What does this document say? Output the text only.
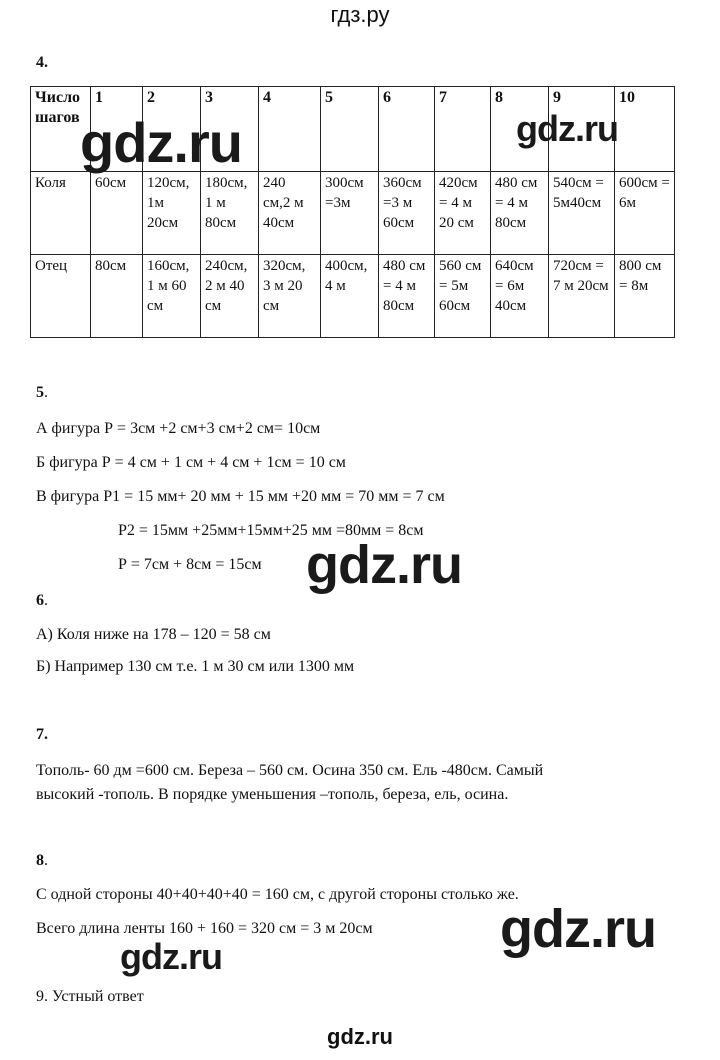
гдз.ру
4.
Число шагов	1	2	3	4	5	6	7	8	9	10
Коля	60см	120см, 1м 20см	180см, 1 м 80см	240 см,2 м 40см	300см =3м	360см =3 м 60см	420см = 4 м 20 см	480 см = 4 м 80см	540см = 5м40см	600см = 6м
Отец	80см	160см, 1 м 60 см	240см, 2 м 40 см	320см, 3 м 20 см	400см, 4 м	480 см = 4 м 80см	560 см = 5м 60см	640см = 6м 40см	720см = 7 м 20см	800 см = 8м
5.
А фигура Р = 3см +2 см+3 см+2 см= 10см
Б фигура Р = 4 см + 1 см + 4 см + 1см = 10 см
В фигура Р1 = 15 мм+ 20 мм + 15 мм +20 мм = 70 мм = 7 см
Р2 = 15мм +25мм+15мм+25 мм =80мм = 8см
Р = 7см + 8см = 15см
6.
А) Коля ниже на 178 – 120 = 58 см
Б) Например 130 см т.е. 1 м 30 см или 1300 мм
7.
Тополь- 60 дм =600 см. Береза – 560 см. Осина 350 см. Ель -480см. Самый
высокий -тополь. В порядке уменьшения –тополь, береза, ель, осина.
8.
С одной стороны 40+40+40+40 = 160 см, с другой стороны столько же.
Всего длина ленты 160 + 160 = 320 см = 3 м 20см
9. Устный ответ
gdz.ru	gdz.ru
gdz.ru
gdz.ru
gdz.ru
gdz.ru
